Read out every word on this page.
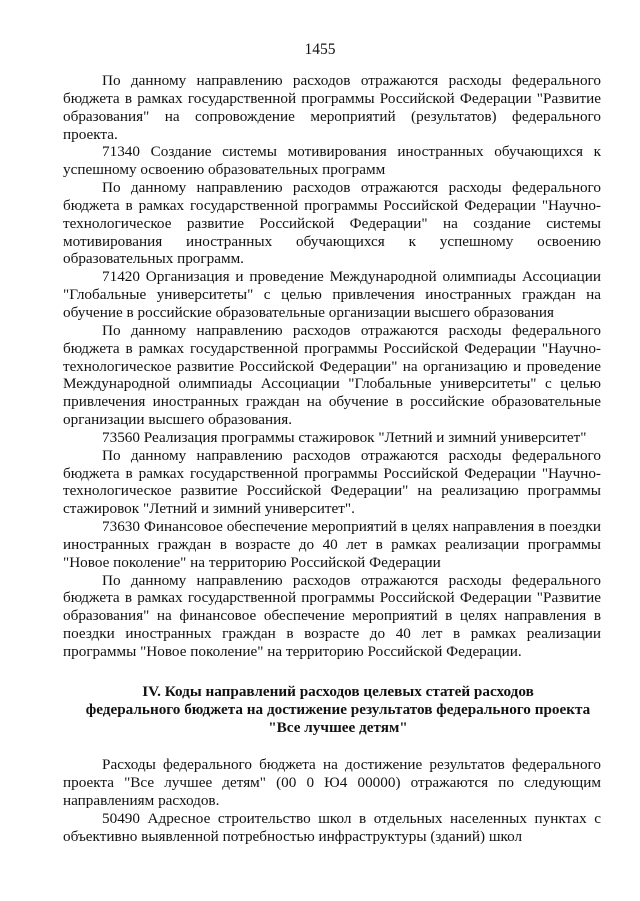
1455

По данному направлению расходов отражаются расходы федерального бюджета в рамках государственной программы Российской Федерации "Развитие образования" на сопровождение мероприятий (результатов) федерального проекта.

71340 Создание системы мотивирования иностранных обучающихся к успешному освоению образовательных программ

По данному направлению расходов отражаются расходы федерального бюджета в рамках государственной программы Российской Федерации "Научно-технологическое развитие Российской Федерации" на создание системы мотивирования иностранных обучающихся к успешному освоению образовательных программ.

71420 Организация и проведение Международной олимпиады Ассоциации "Глобальные университеты" с целью привлечения иностранных граждан на обучение в российские образовательные организации высшего образования

По данному направлению расходов отражаются расходы федерального бюджета в рамках государственной программы Российской Федерации "Научно-технологическое развитие Российской Федерации" на организацию и проведение Международной олимпиады Ассоциации "Глобальные университеты" с целью привлечения иностранных граждан на обучение в российские образовательные организации высшего образования.

73560 Реализация программы стажировок "Летний и зимний университет"

По данному направлению расходов отражаются расходы федерального бюджета в рамках государственной программы Российской Федерации "Научно-технологическое развитие Российской Федерации" на реализацию программы стажировок "Летний и зимний университет".

73630 Финансовое обеспечение мероприятий в целях направления в поездки иностранных граждан в возрасте до 40 лет в рамках реализации программы "Новое поколение" на территорию Российской Федерации

По данному направлению расходов отражаются расходы федерального бюджета в рамках государственной программы Российской Федерации "Развитие образования" на финансовое обеспечение мероприятий в целях направления в поездки иностранных граждан в возрасте до 40 лет в рамках реализации программы "Новое поколение" на территорию Российской Федерации.

IV. Коды направлений расходов целевых статей расходов
федерального бюджета на достижение результатов федерального проекта
"Все лучшее детям"

Расходы федерального бюджета на достижение результатов федерального проекта "Все лучшее детям" (00 0 Ю4 00000) отражаются по следующим направлениям расходов.

50490 Адресное строительство школ в отдельных населенных пунктах с объективно выявленной потребностью инфраструктуры (зданий) школ
